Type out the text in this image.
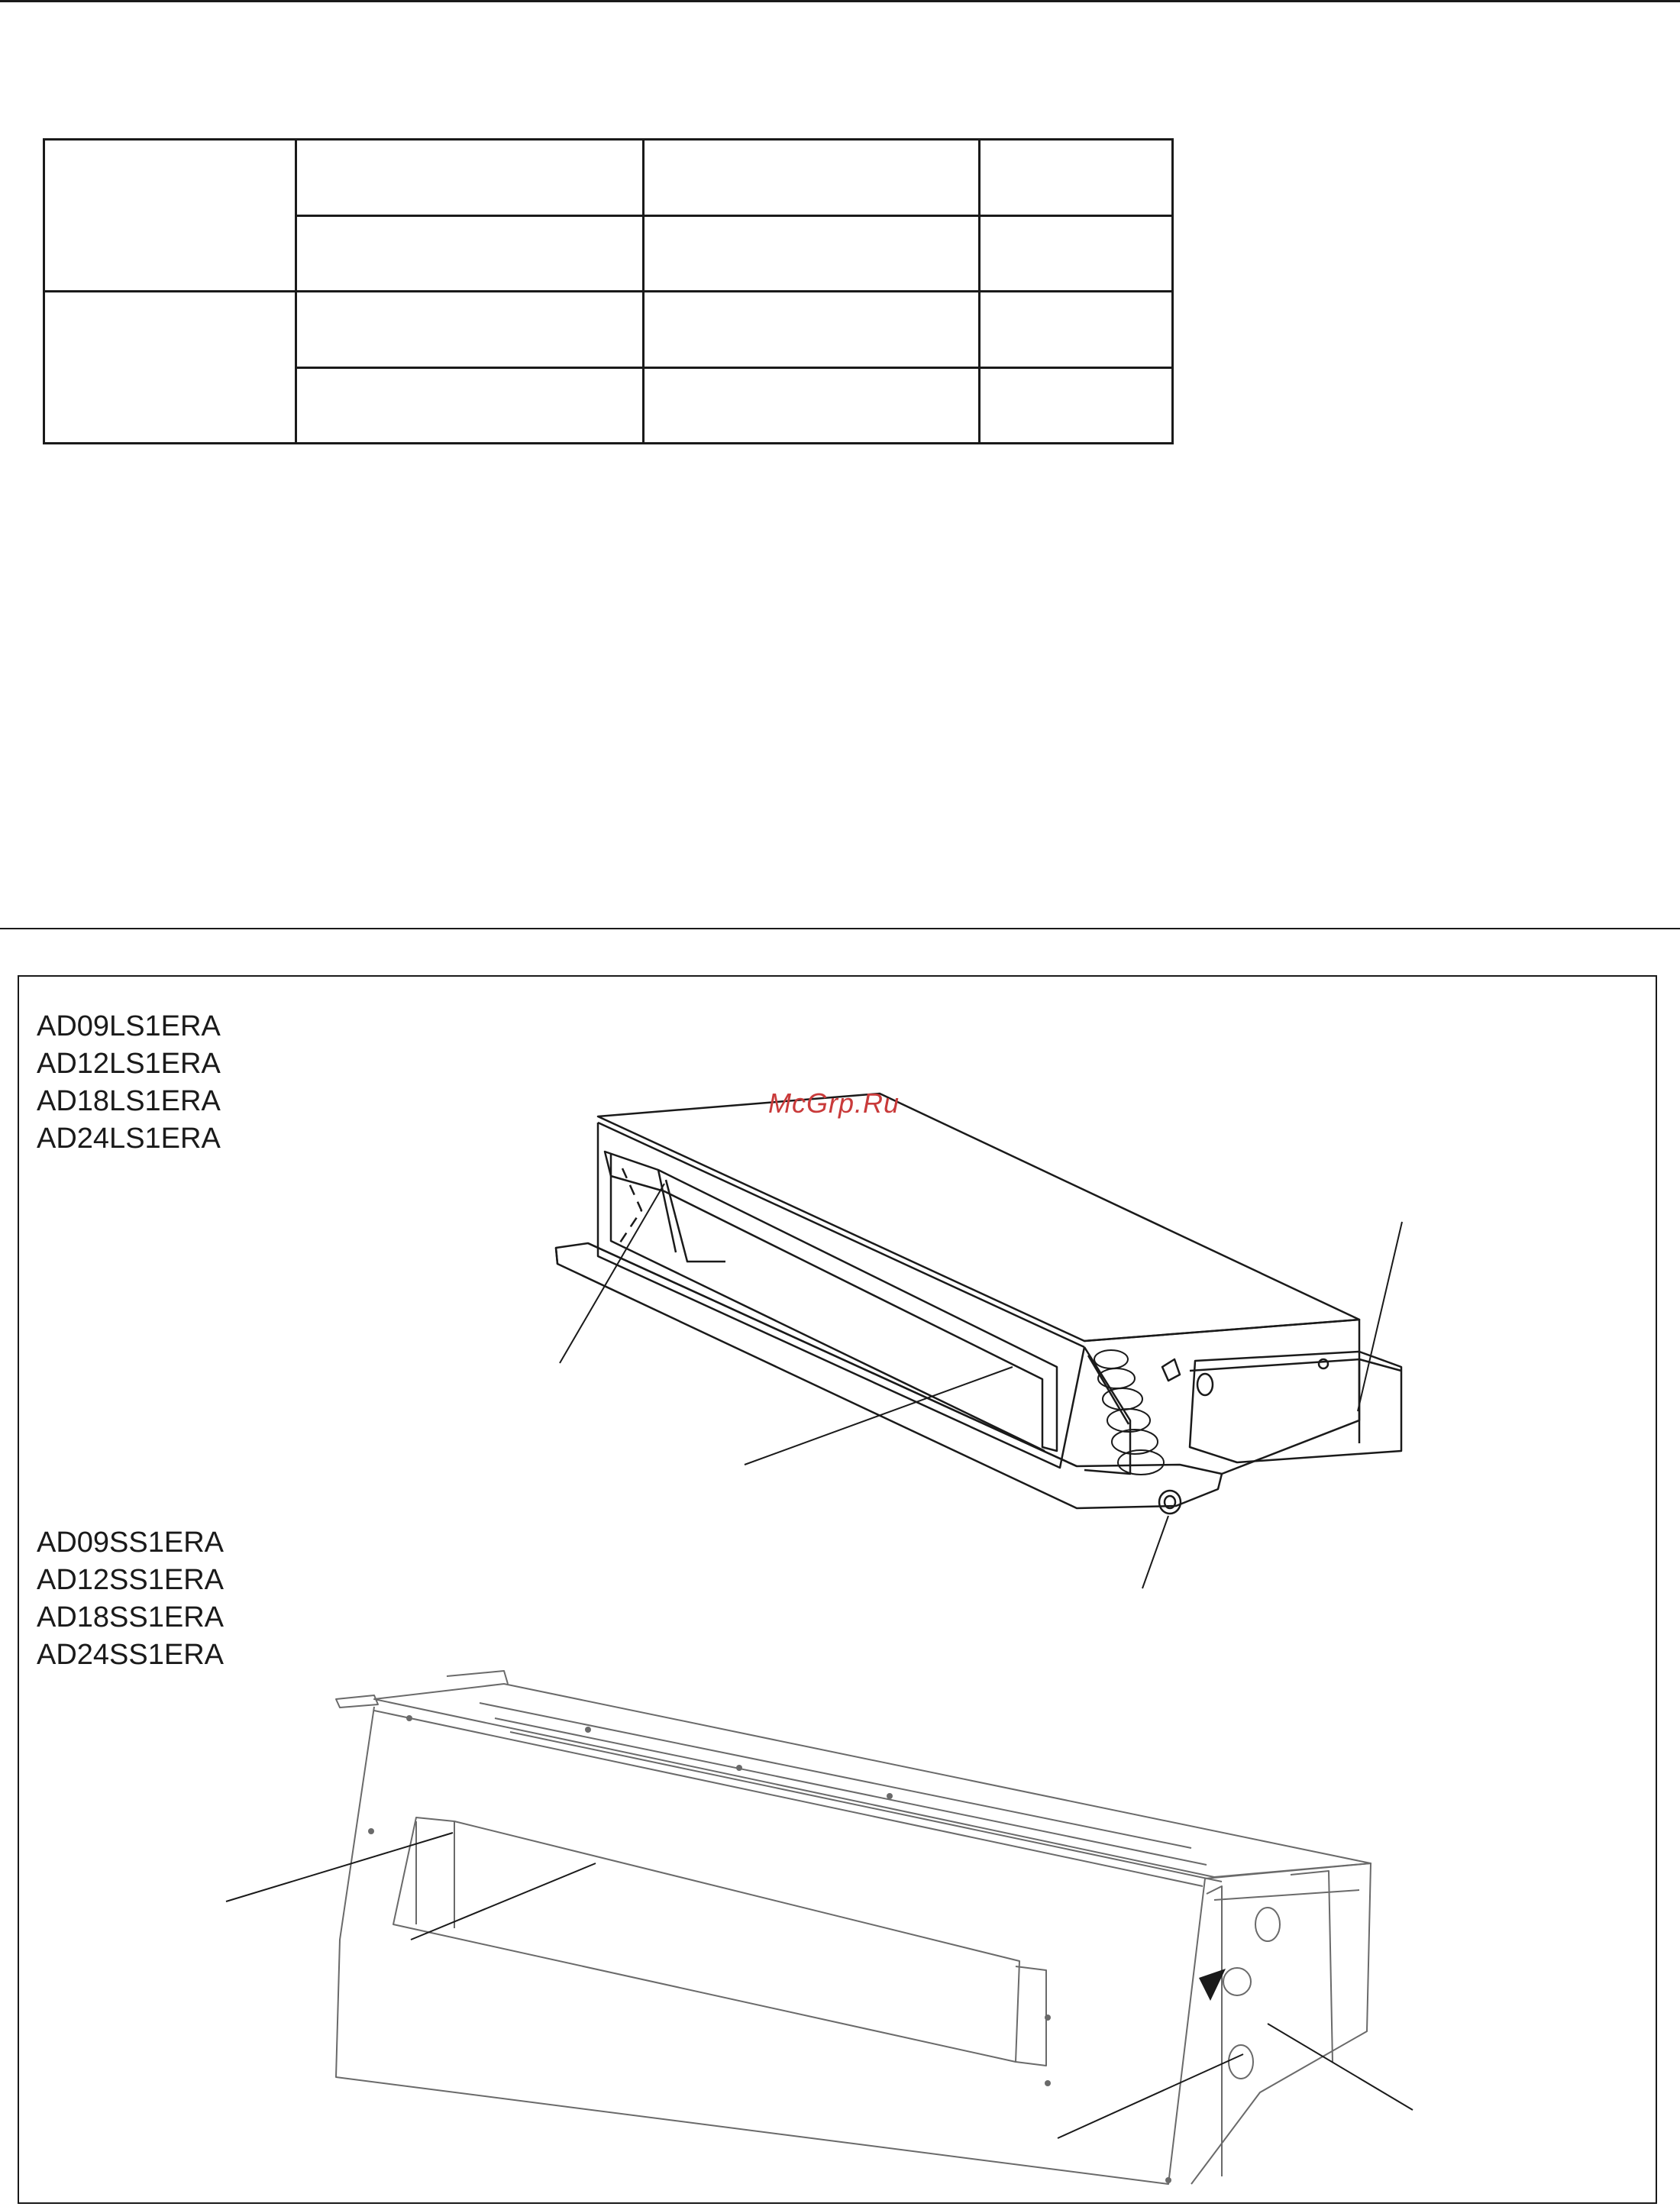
AD09LS1ERA
AD12LS1ERA
AD18LS1ERA
AD24LS1ERA
AD09SS1ERA
AD12SS1ERA
AD18SS1ERA
AD24SS1ERA
McGrp.Ru
